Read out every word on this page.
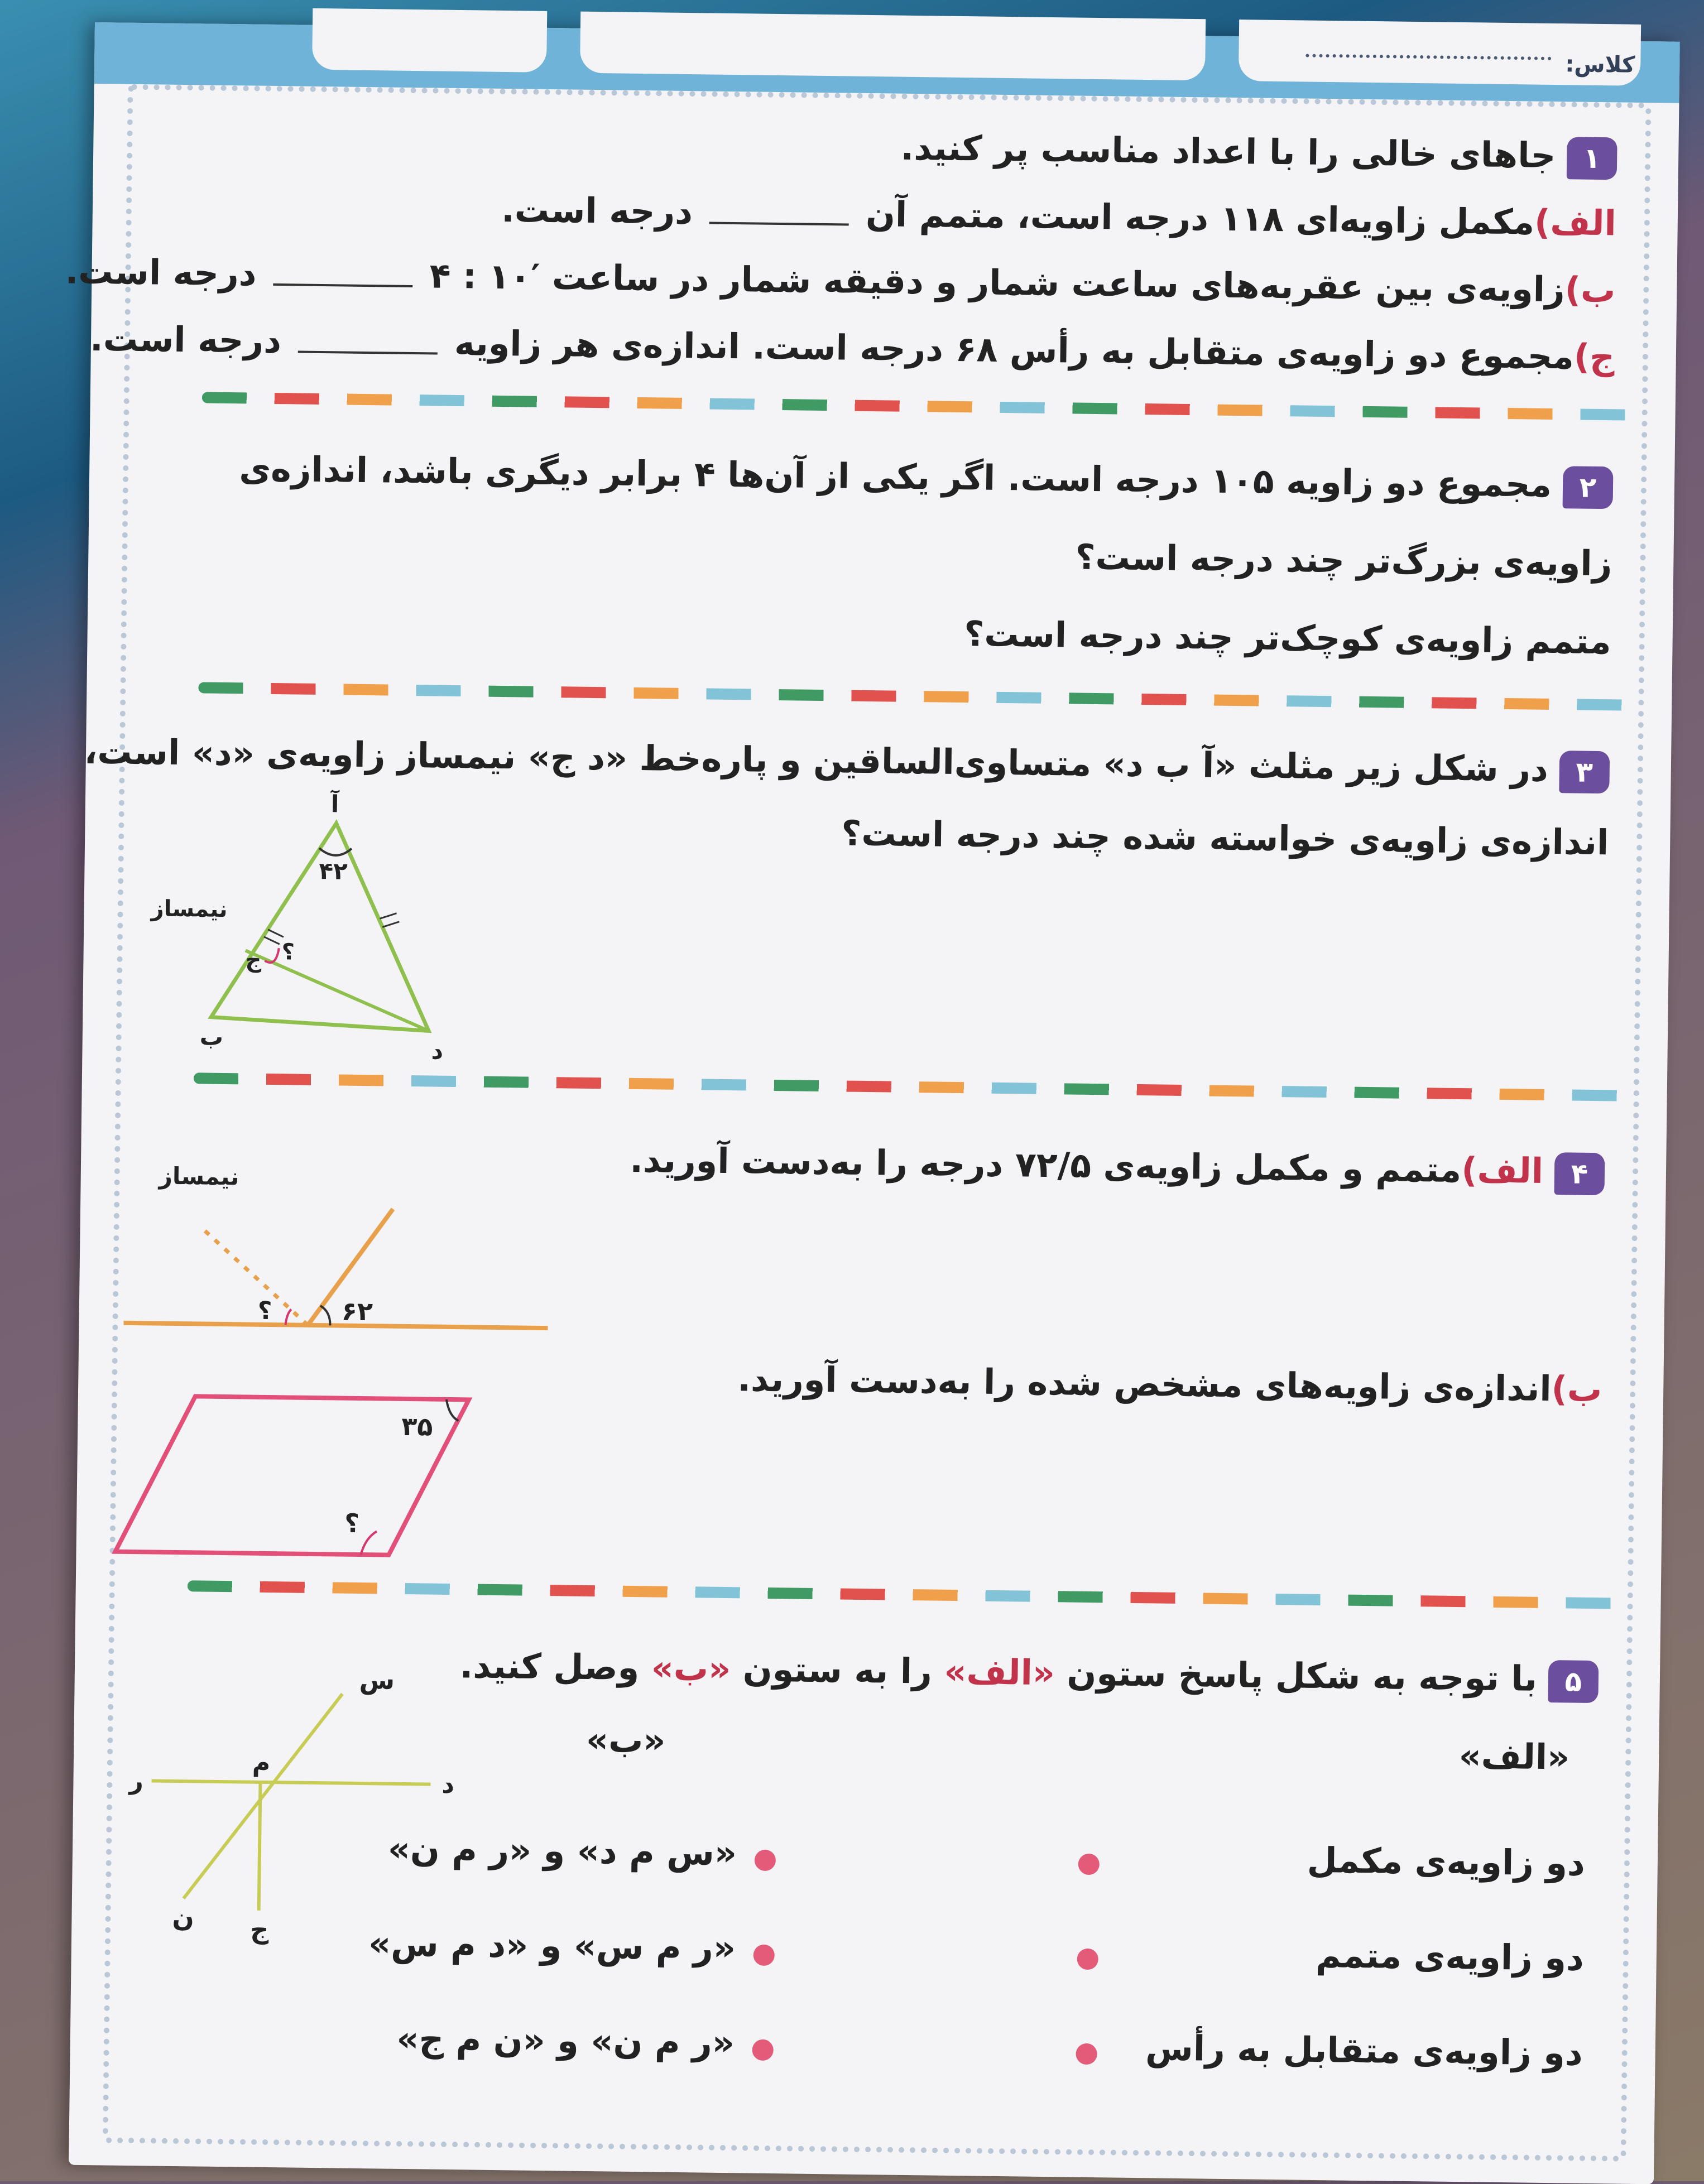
کلاس:
۱جاهای خالی را با اعداد مناسب پر کنید.
الف)مکمل زاویه‌ای ۱۱۸ درجه است، متمم آندرجه است.
ب)زاویه‌ی بین عقربه‌های ساعت شمار و دقیقه شمار در ساعت ′۱۰ : ۴درجه است.
ج)مجموع دو زاویه‌ی متقابل به رأس ۶۸ درجه است. اندازه‌ی هر زاویهدرجه است.
۲مجموع دو زاویه ۱۰۵ درجه است. اگر یکی از آن‌ها ۴ برابر دیگری باشد، اندازه‌ی
زاویه‌ی بزرگ‌تر چند درجه است؟
متمم زاویه‌ی کوچک‌تر چند درجه است؟
۳در شکل زیر مثلث «آ ب د» متساوی‌الساقین و پاره‌خط «د ج» نیمساز زاویه‌ی «د» است،
اندازه‌ی زاویه‌ی خواسته شده چند درجه است؟
آ
ب
د
ج
۴۲
؟
نیمساز
۴الف)متمم و مکمل زاویه‌ی ۷۲/۵ درجه را به‌دست آورید.
نیمساز
۶۲
؟
ب)اندازه‌ی زاویه‌های مشخص شده را به‌دست آورید.
۳۵
؟
۵با توجه به شکل پاسخ ستون «الف» را به ستون «ب» وصل کنید.
س
م
ر	د
ن ج
«الف»
«ب»
دو زاویه‌ی مکمل
دو زاویه‌ی متمم
دو زاویه‌ی متقابل به رأس
«س م د» و «ر م ن»
«ر م س» و «د م س»
«ر م ن» و «ن م ج»
